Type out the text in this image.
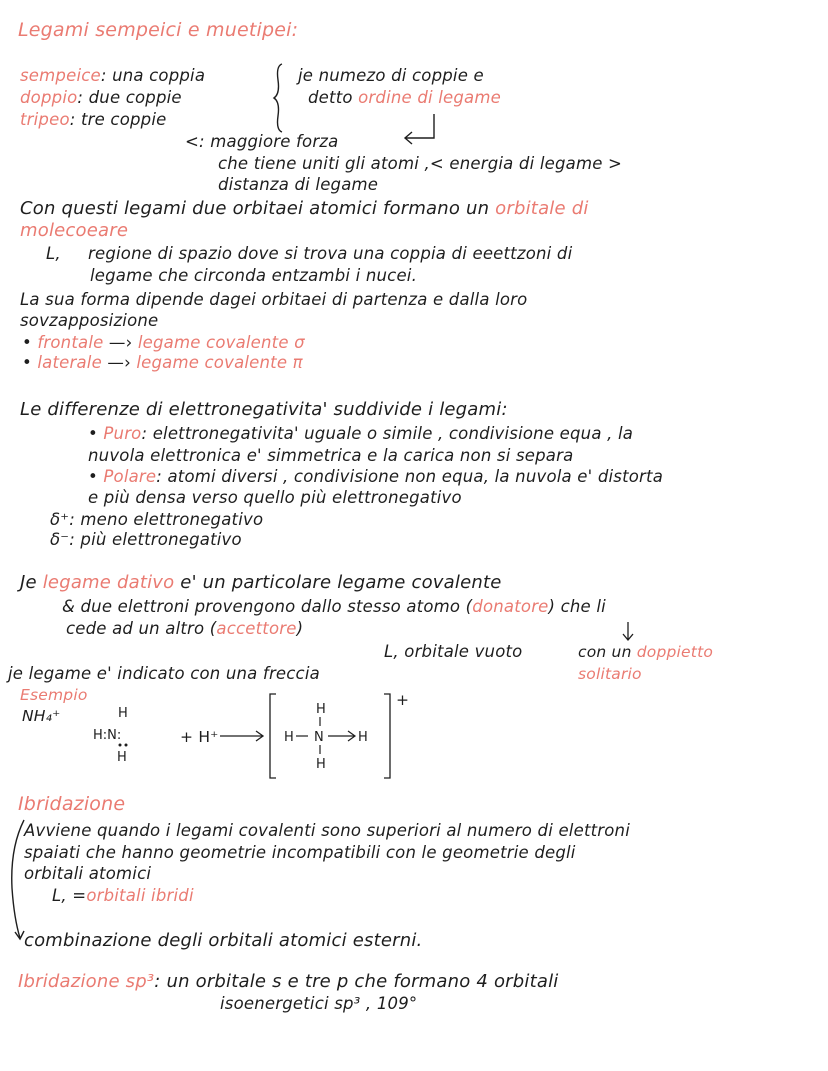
Legami sempeici e muetipei:
sempeice: una coppia
doppio: due coppie
tripeo: tre coppie
je numezo di coppie e
detto ordine di legame
<: maggiore forza
che tiene uniti gli atomi ,< energia di legame >
distanza di legame
Con questi legami due orbitaei atomici formano un orbitale di
molecoeare
L, regione di spazio dove si trova una coppia di eeettzoni di
legame che circonda entzambi i nucei.
La sua forma dipende dagei orbitaei di partenza e dalla loro
sovzapposizione
• frontale —› legame covalente σ
• laterale —› legame covalente π
Le differenze di elettronegativita' suddivide i legami:
• Puro: elettronegativita' uguale o simile , condivisione equa , la
nuvola elettronica e' simmetrica e la carica non si separa
• Polare: atomi diversi , condivisione non equa, la nuvola e' distorta
e più densa verso quello più elettronegativo
δ⁺: meno elettronegativo
δ⁻: più elettronegativo
Je legame dativo e' un particolare legame covalente
& due elettroni provengono dallo stesso atomo (donatore) che li
cede ad un altro (accettore)
L, orbitale vuoto	con un doppietto
solitario
je legame e' indicato con una freccia
Esempio
NH₄⁺	H
H:N:
H
H
H N	H
H
+ H⁺
+
Ibridazione
Avviene quando i legami covalenti sono superiori al numero di elettroni
spaiati che hanno geometrie incompatibili con le geometrie degli
orbitali atomici
L, =orbitali ibridi
combinazione degli orbitali atomici esterni.
Ibridazione sp³: un orbitale s e tre p che formano 4 orbitali
isoenergetici sp³ , 109°
